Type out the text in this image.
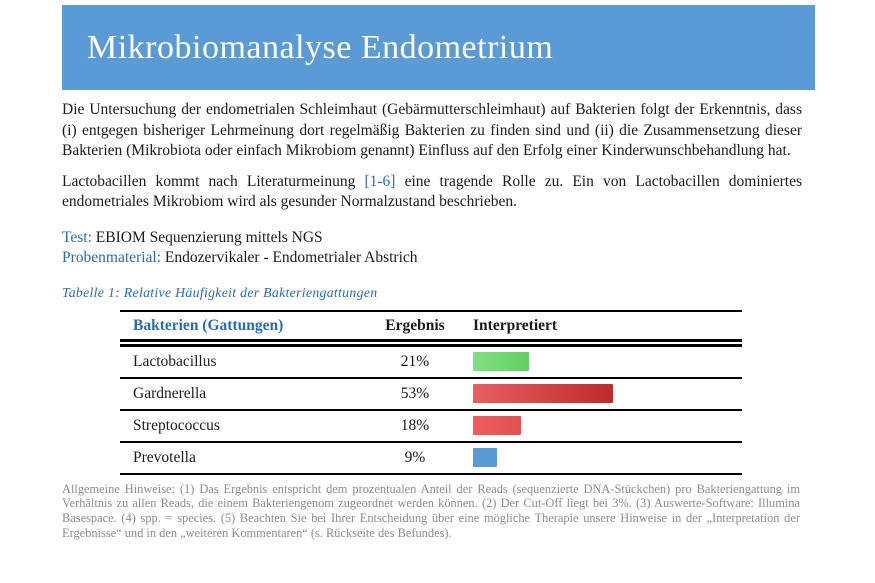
Mikrobiomanalyse Endometrium

Die Untersuchung der endometrialen Schleimhaut (Gebärmutterschleimhaut) auf Bakterien folgt der Erkenntnis, dass (i) entgegen bisheriger Lehrmeinung dort regelmäßig Bakterien zu finden sind und (ii) die Zusammensetzung dieser Bakterien (Mikrobiota oder einfach Mikrobiom genannt) Einfluss auf den Erfolg einer Kinderwunschbehandlung hat.

Lactobacillen kommt nach Literaturmeinung [1-6] eine tragende Rolle zu. Ein von Lactobacillen dominiertes endometriales Mikrobiom wird als gesunder Normalzustand beschrieben.

Test: EBIOM Sequenzierung mittels NGS
Probenmaterial: Endozervikaler - Endometrialer Abstrich
Tabelle 1: Relative Häufigkeit der Bakteriengattungen
Bakterien (Gattungen)	Ergebnis	Interpretiert
Lactobacillus	21%
Gardnerella	53%
Streptococcus	18%
Prevotella	9%
Allgemeine Hinweise: (1) Das Ergebnis entspricht dem prozentualen Anteil der Reads (sequenzierte DNA-Stückchen) pro Bakteriengattung im Verhältnis zu allen Reads, die einem Bakteriengenom zugeordnet werden können. (2) Der Cut-Off liegt bei 3%. (3) Auswerte-Software: Illumina Basespace. (4) spp. = species. (5) Beachten Sie bei Ihrer Entscheidung über eine mögliche Therapie unsere Hinweise in der „Interpretation der Ergebnisse“ und in den „weiteren Kommentaren“ (s. Rückseite des Befundes).
